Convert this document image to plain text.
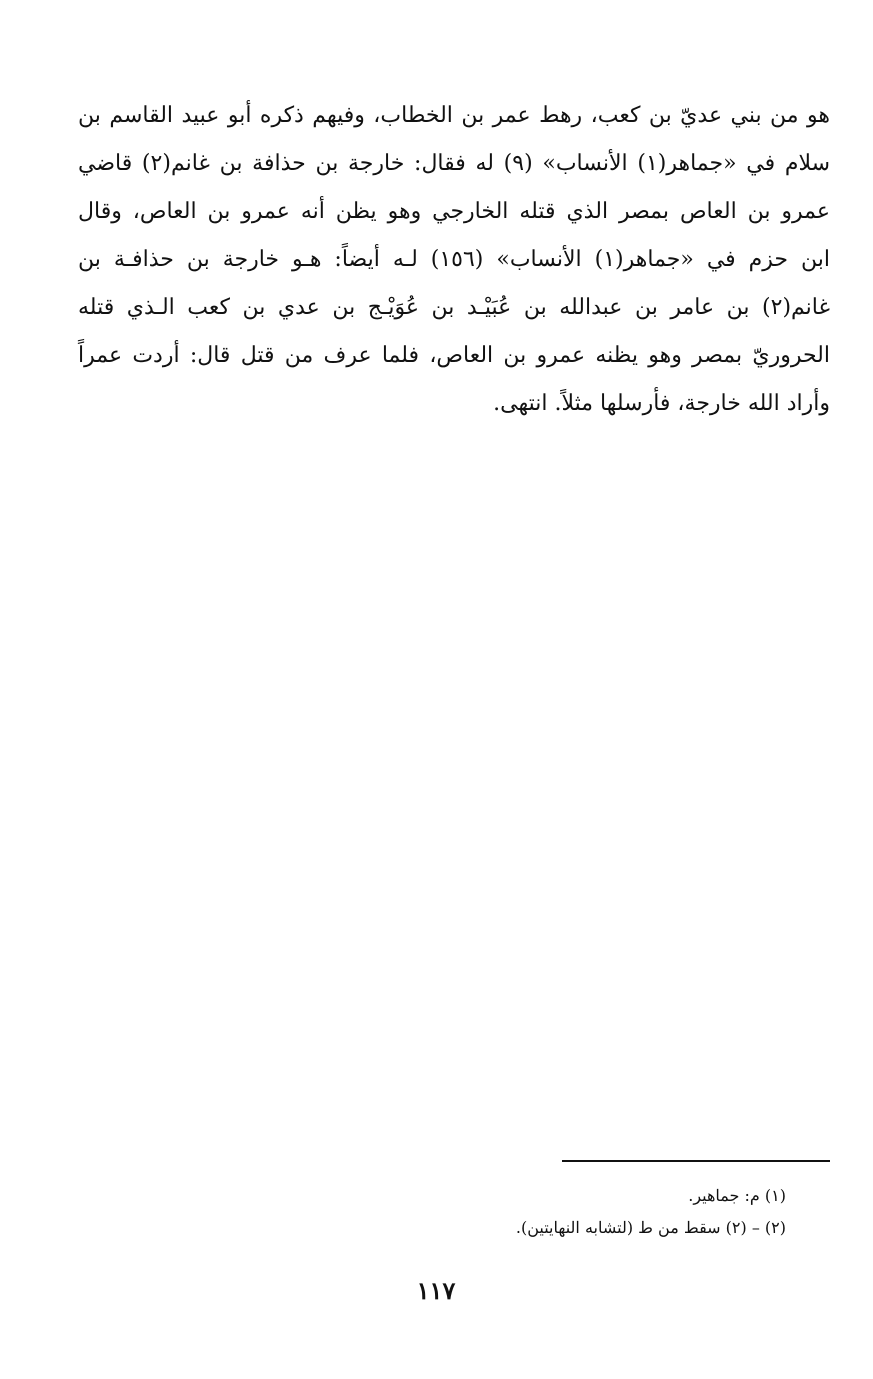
هو من بني عديّ بن كعب، رهط عمر بن الخطاب، وفيهم ذكره أبو عبيد القاسم بن
سلام في «جماهر(١) الأنساب» (٩) له فقال: خارجة بن حذافة بن غانم(٢) قاضي
عمرو بن العاص بمصر الذي قتله الخارجي وهو يظن أنه عمرو بن العاص، وقال
ابن حزم في «جماهر(١) الأنساب» (١٥٦) لـه أيضاً: هـو خارجة بن حذافـة بن
غانم(٢) بن عامر بن عبدالله بن عُبَيْـد بن عُوَيْـج بن عدي بن كعب الـذي قتله
الحروريّ بمصر وهو يظنه عمرو بن العاص، فلما عرف من قتل قال: أردت عمراً
وأراد الله خارجة، فأرسلها مثلاً. انتهى.
(١) م: جماهير.
(٢) – (٢) سقط من ط (لتشابه النهايتين).
١١٧
